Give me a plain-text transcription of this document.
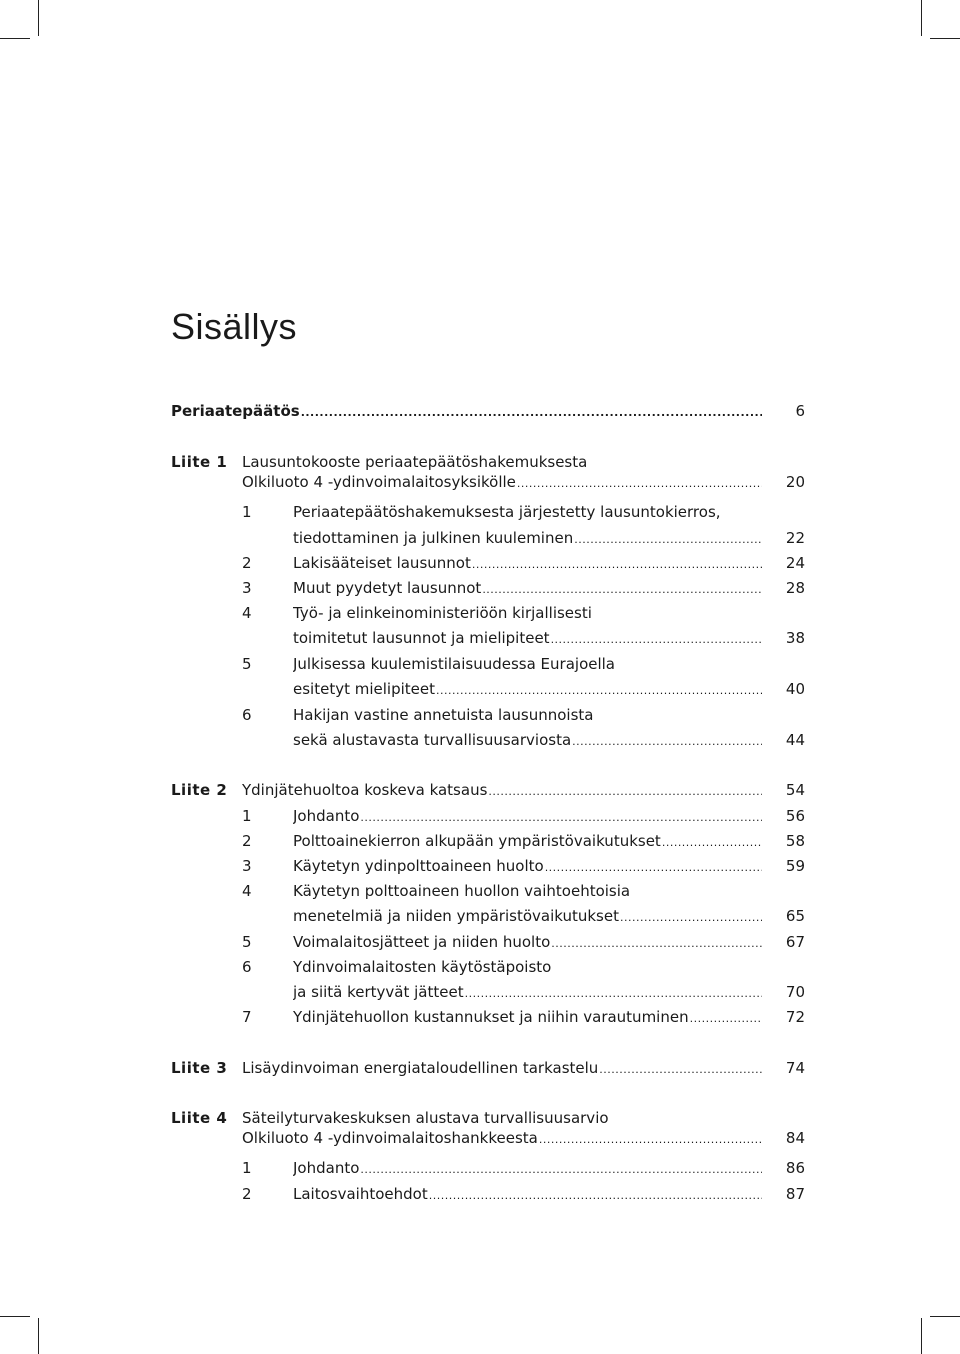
Sisällys
Periaatepäätös .....	6
Liite 1 Lausuntokooste periaatepäätöshakemuksesta
Olkiluoto 4 -ydinvoimalaitosyksikölle .....	20
1	Periaatepäätöshakemuksesta järjestetty lausuntokierros,
tiedottaminen ja julkinen kuuleminen .....	22
2	Lakisääteiset lausunnot .....	24
3	Muut pyydetyt lausunnot .....	28
4	Työ- ja elinkeinoministeriöön kirjallisesti
toimitetut lausunnot ja mielipiteet .....	38
5	Julkisessa kuulemistilaisuudessa Eurajoella
esitetyt mielipiteet .....	40
6	Hakijan vastine annetuista lausunnoista
sekä alustavasta turvallisuusarviosta .....	44
Liite 2 Ydinjätehuoltoa koskeva katsaus .....	54
1	Johdanto .....	56
2	Polttoainekierron alkupään ympäristövaikutukset .....	58
3	Käytetyn ydinpolttoaineen huolto .....	59
4	Käytetyn polttoaineen huollon vaihtoehtoisia
menetelmiä ja niiden ympäristövaikutukset .....	65
5	Voimalaitosjätteet ja niiden huolto .....	67
6	Ydinvoimalaitosten käytöstäpoisto
ja siitä kertyvät jätteet .....	70
7	Ydinjätehuollon kustannukset ja niihin varautuminen .....	72
Liite 3 Lisäydinvoiman energiataloudellinen tarkastelu .....	74
Liite 4 Säteilyturvakeskuksen alustava turvallisuusarvio
Olkiluoto 4 -ydinvoimalaitoshankkeesta .....	84
1	Johdanto .....	86
2	Laitosvaihtoehdot .....	87
